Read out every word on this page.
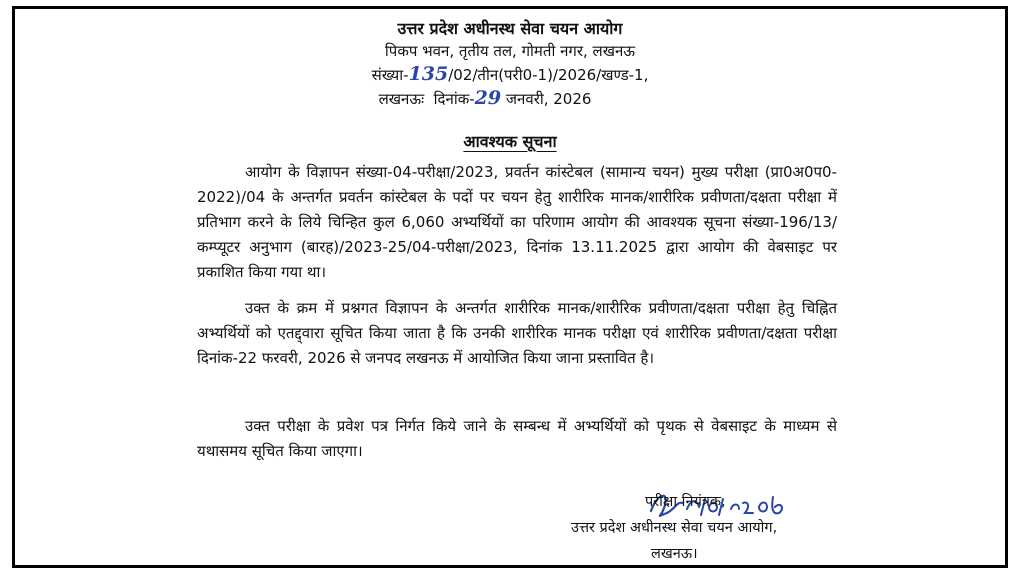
उत्तर प्रदेश अधीनस्थ सेवा चयन आयोग
पिकप भवन, तृतीय तल, गोमती नगर, लखनऊ
संख्या-135/02/तीन(परी0-1)/2026/खण्ड-1,
लखनऊः  दिनांक-29 जनवरी, 2026
आवश्यक सूचना
आयोग के विज्ञापन संख्या-04-परीक्षा/2023, प्रवर्तन कांस्टेबल (सामान्य चयन) मुख्य परीक्षा (प्रा0अ0प0-2022)/04 के अन्तर्गत प्रवर्तन कांस्टेबल के पदों पर चयन हेतु शारीरिक मानक/शारीरिक प्रवीणता/दक्षता परीक्षा में प्रतिभाग करने के लिये चिन्हित कुल 6,060 अभ्यर्थियों का परिणाम आयोग की आवश्यक सूचना संख्या-196/13/कम्प्यूटर अनुभाग (बारह)/2023-25/04-परीक्षा/2023, दिनांक 13.11.2025 द्वारा आयोग की वेबसाइट पर प्रकाशित किया गया था।
उक्त के क्रम में प्रश्नगत विज्ञापन के अन्तर्गत शारीरिक मानक/शारीरिक प्रवीणता/दक्षता परीक्षा हेतु चिह्नित अभ्यर्थियों को एतद्द्वारा सूचित किया जाता है कि उनकी शारीरिक मानक परीक्षा एवं शारीरिक प्रवीणता/दक्षता परीक्षा दिनांक-22 फरवरी, 2026 से जनपद लखनऊ में आयोजित किया जाना प्रस्तावित है।
उक्त परीक्षा के प्रवेश पत्र निर्गत किये जाने के सम्बन्ध में अभ्यर्थियों को पृथक से वेबसाइट के माध्यम से यथासमय सूचित किया जाएगा।
परीक्षा नियंत्रक,
उत्तर प्रदेश अधीनस्थ सेवा चयन आयोग,
लखनऊ।
